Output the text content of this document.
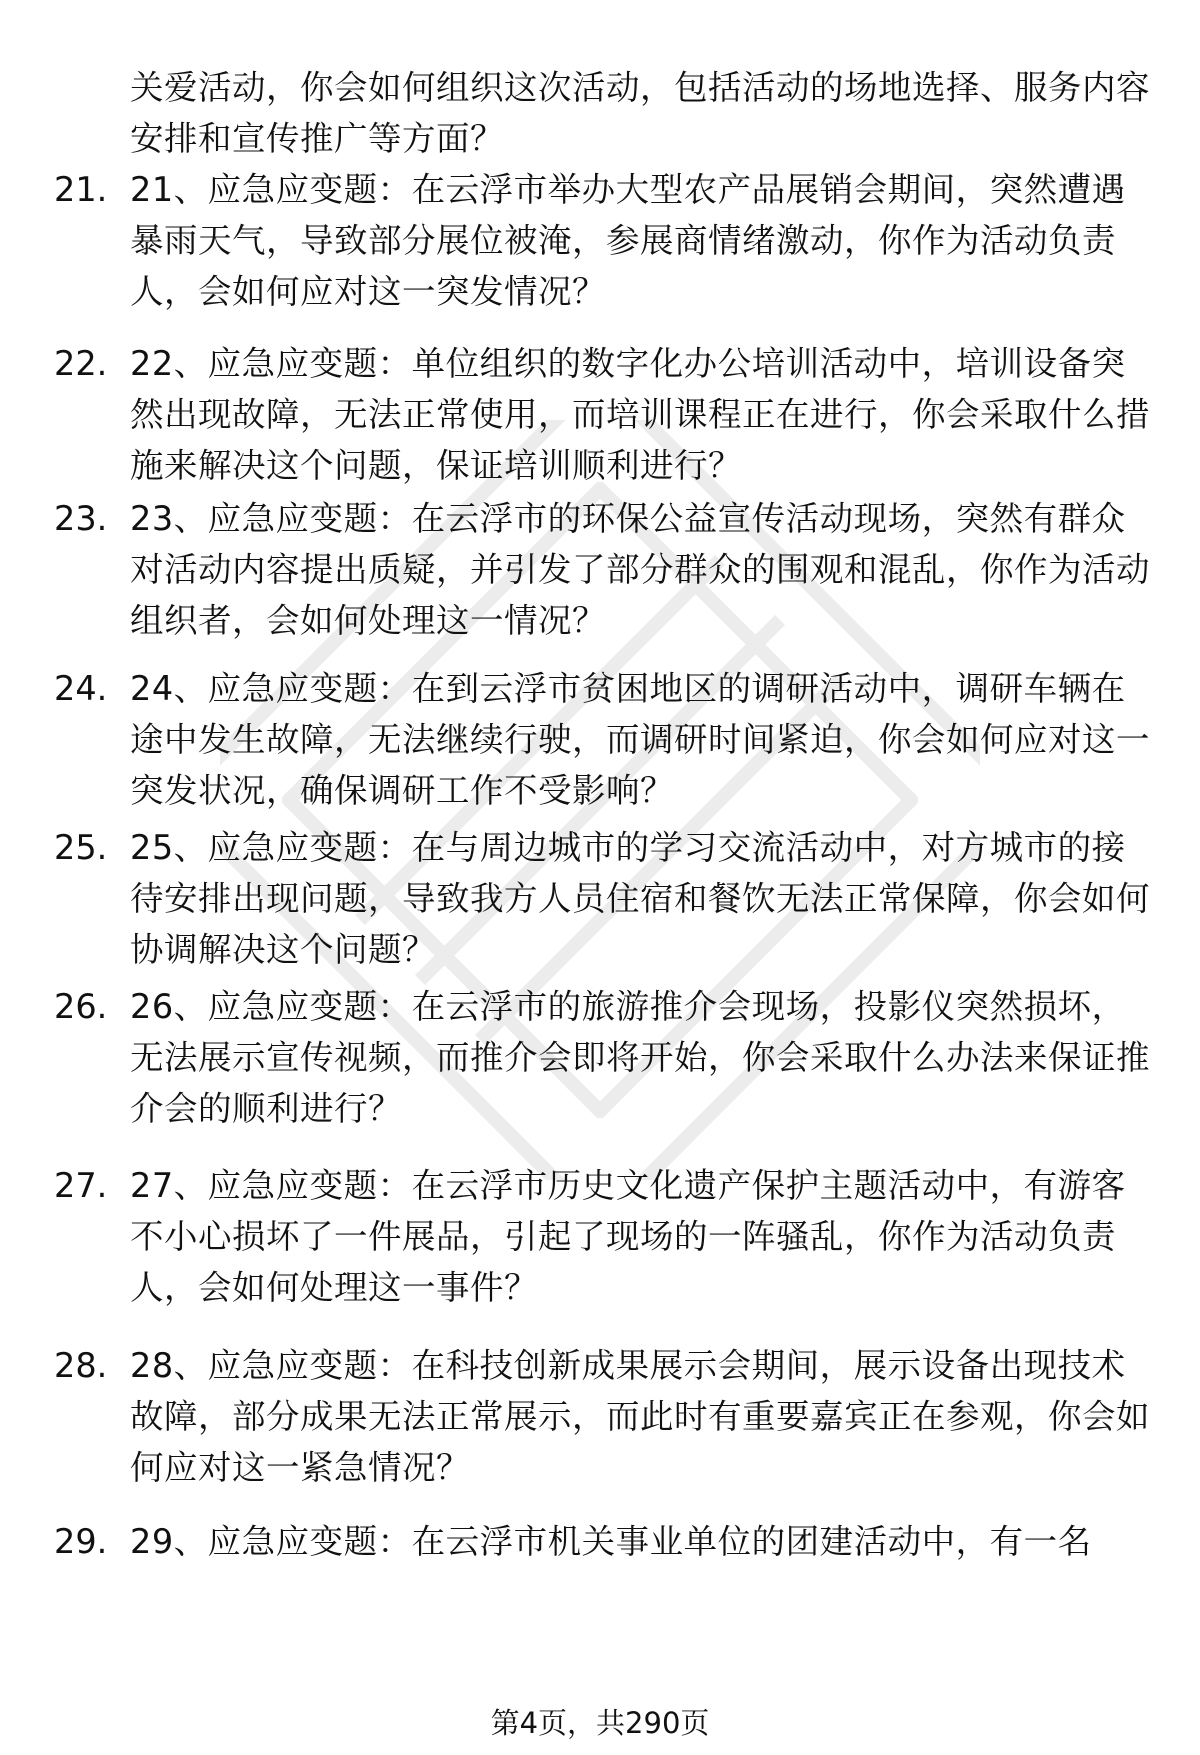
关爱活动，你会如何组织这次活动，包括活动的场地选择、服务内容安排和宣传推广等方面？
21. 21、应急应变题：在云浮市举办大型农产品展销会期间，突然遭遇暴雨天气，导致部分展位被淹，参展商情绪激动，你作为活动负责人，会如何应对这一突发情况？
22. 22、应急应变题：单位组织的数字化办公培训活动中，培训设备突然出现故障，无法正常使用，而培训课程正在进行，你会采取什么措施来解决这个问题，保证培训顺利进行？
23. 23、应急应变题：在云浮市的环保公益宣传活动现场，突然有群众对活动内容提出质疑，并引发了部分群众的围观和混乱，你作为活动组织者，会如何处理这一情况？
24. 24、应急应变题：在到云浮市贫困地区的调研活动中，调研车辆在途中发生故障，无法继续行驶，而调研时间紧迫，你会如何应对这一突发状况，确保调研工作不受影响？
25. 25、应急应变题：在与周边城市的学习交流活动中，对方城市的接待安排出现问题，导致我方人员住宿和餐饮无法正常保障，你会如何协调解决这个问题？
26. 26、应急应变题：在云浮市的旅游推介会现场，投影仪突然损坏，无法展示宣传视频，而推介会即将开始，你会采取什么办法来保证推介会的顺利进行？
27. 27、应急应变题：在云浮市历史文化遗产保护主题活动中，有游客不小心损坏了一件展品，引起了现场的一阵骚乱，你作为活动负责人，会如何处理这一事件？
28. 28、应急应变题：在科技创新成果展示会期间，展示设备出现技术故障，部分成果无法正常展示，而此时有重要嘉宾正在参观，你会如何应对这一紧急情况？
29. 29、应急应变题：在云浮市机关事业单位的团建活动中，有一名
第4页，共290页
